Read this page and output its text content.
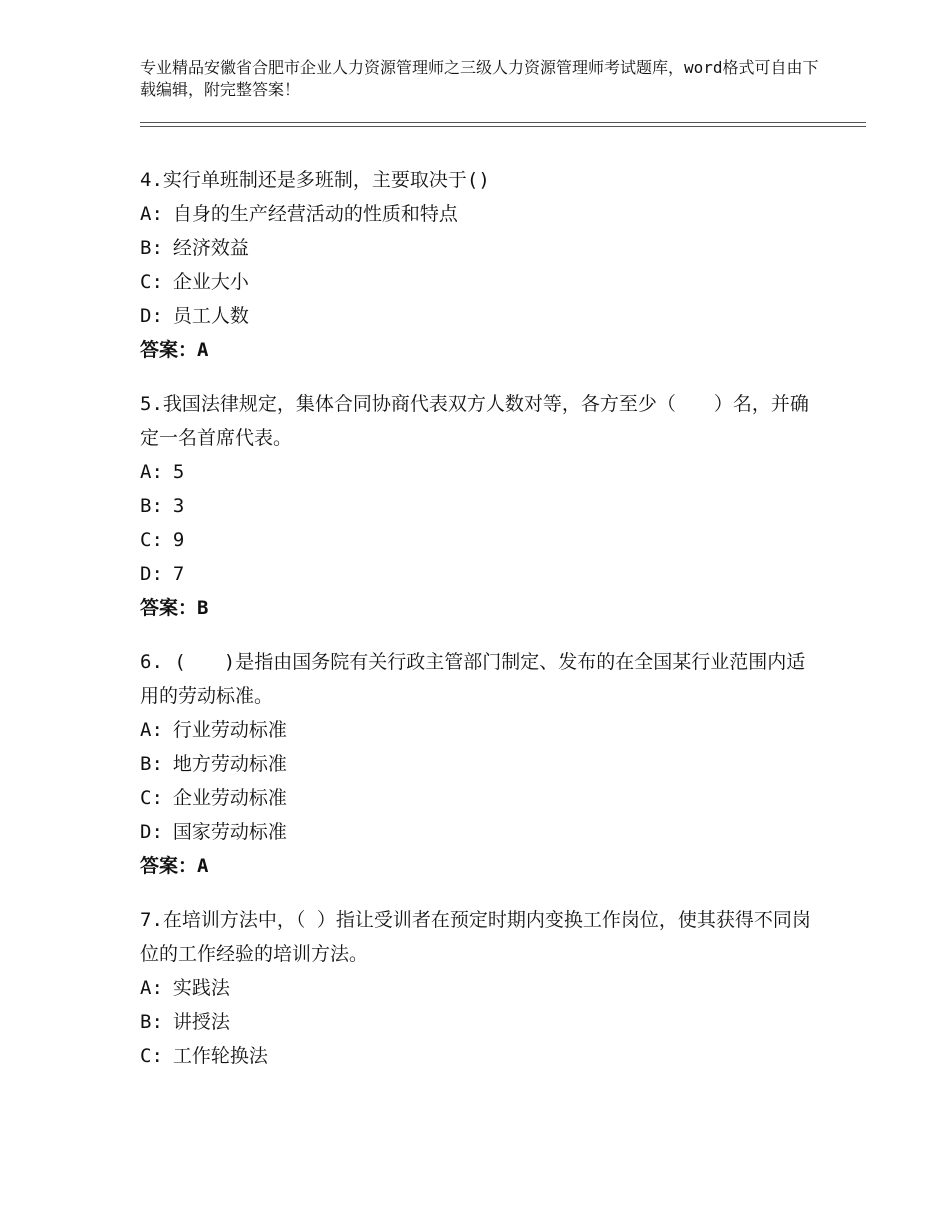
专业精品安徽省合肥市企业人力资源管理师之三级人力资源管理师考试题库，word格式可自由下载编辑，附完整答案！
4.实行单班制还是多班制，主要取决于()
A: 自身的生产经营活动的性质和特点
B: 经济效益
C: 企业大小
D: 员工人数
答案：A
5.我国法律规定，集体合同协商代表双方人数对等，各方至少（　　）名，并确定一名首席代表。
A: 5
B: 3
C: 9
D: 7
答案：B
6. (　　)是指由国务院有关行政主管部门制定、发布的在全国某行业范围内适用的劳动标准。
A: 行业劳动标准
B: 地方劳动标准
C: 企业劳动标准
D: 国家劳动标准
答案：A
7.在培训方法中，（ ）指让受训者在预定时期内变换工作岗位，使其获得不同岗位的工作经验的培训方法。
A: 实践法
B: 讲授法
C: 工作轮换法
